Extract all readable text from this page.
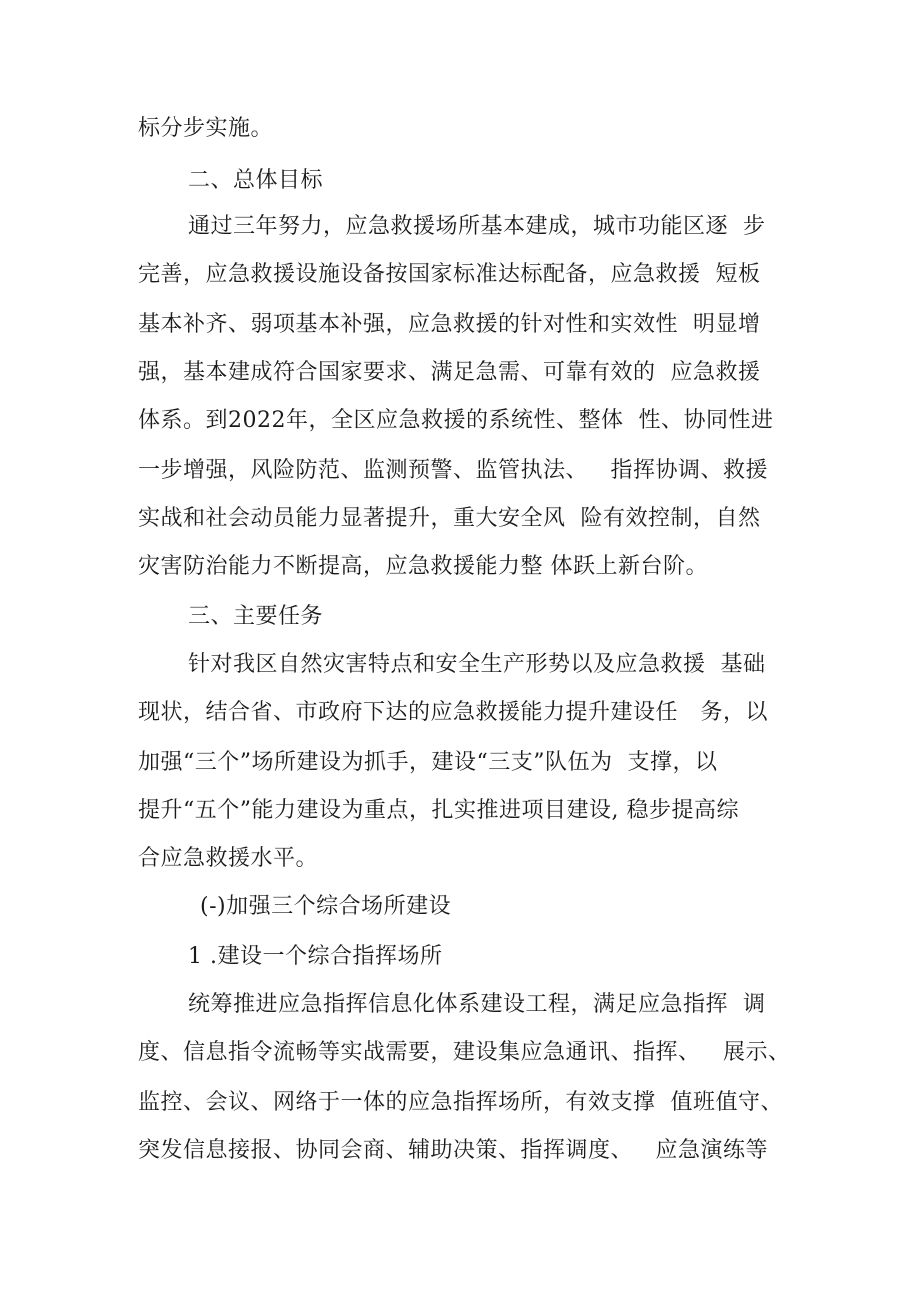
标分步实施。
二、总体目标
通过三年努力，应急救援场所基本建成，城市功能区逐  步
完善，应急救援设施设备按国家标准达标配备，应急救援  短板
基本补齐、弱项基本补强，应急救援的针对性和实效性  明显增
强，基本建成符合国家要求、满足急需、可靠有效的  应急救援
体系。到2022年，全区应急救援的系统性、整体  性、协同性进
一步增强，风险防范、监测预警、监管执法、   指挥协调、救援
实战和社会动员能力显著提升，重大安全风  险有效控制，自然
灾害防治能力不断提高，应急救援能力整 体跃上新台阶。
三、主要任务
针对我区自然灾害特点和安全生产形势以及应急救援  基础
现状，结合省、市政府下达的应急救援能力提升建设任   务，以
加强“三个”场所建设为抓手，建设“三支”队伍为  支撑，以
提升“五个”能力建设为重点，扎实推进项目建设, 稳步提高综
合应急救援水平。
(-)加强三个综合场所建设
1 .建设一个综合指挥场所
统筹推进应急指挥信息化体系建设工程，满足应急指挥  调
度、信息指令流畅等实战需要，建设集应急通讯、指挥、   展示、
监控、会议、网络于一体的应急指挥场所，有效支撑  值班值守、
突发信息接报、协同会商、辅助决策、指挥调度、   应急演练等
